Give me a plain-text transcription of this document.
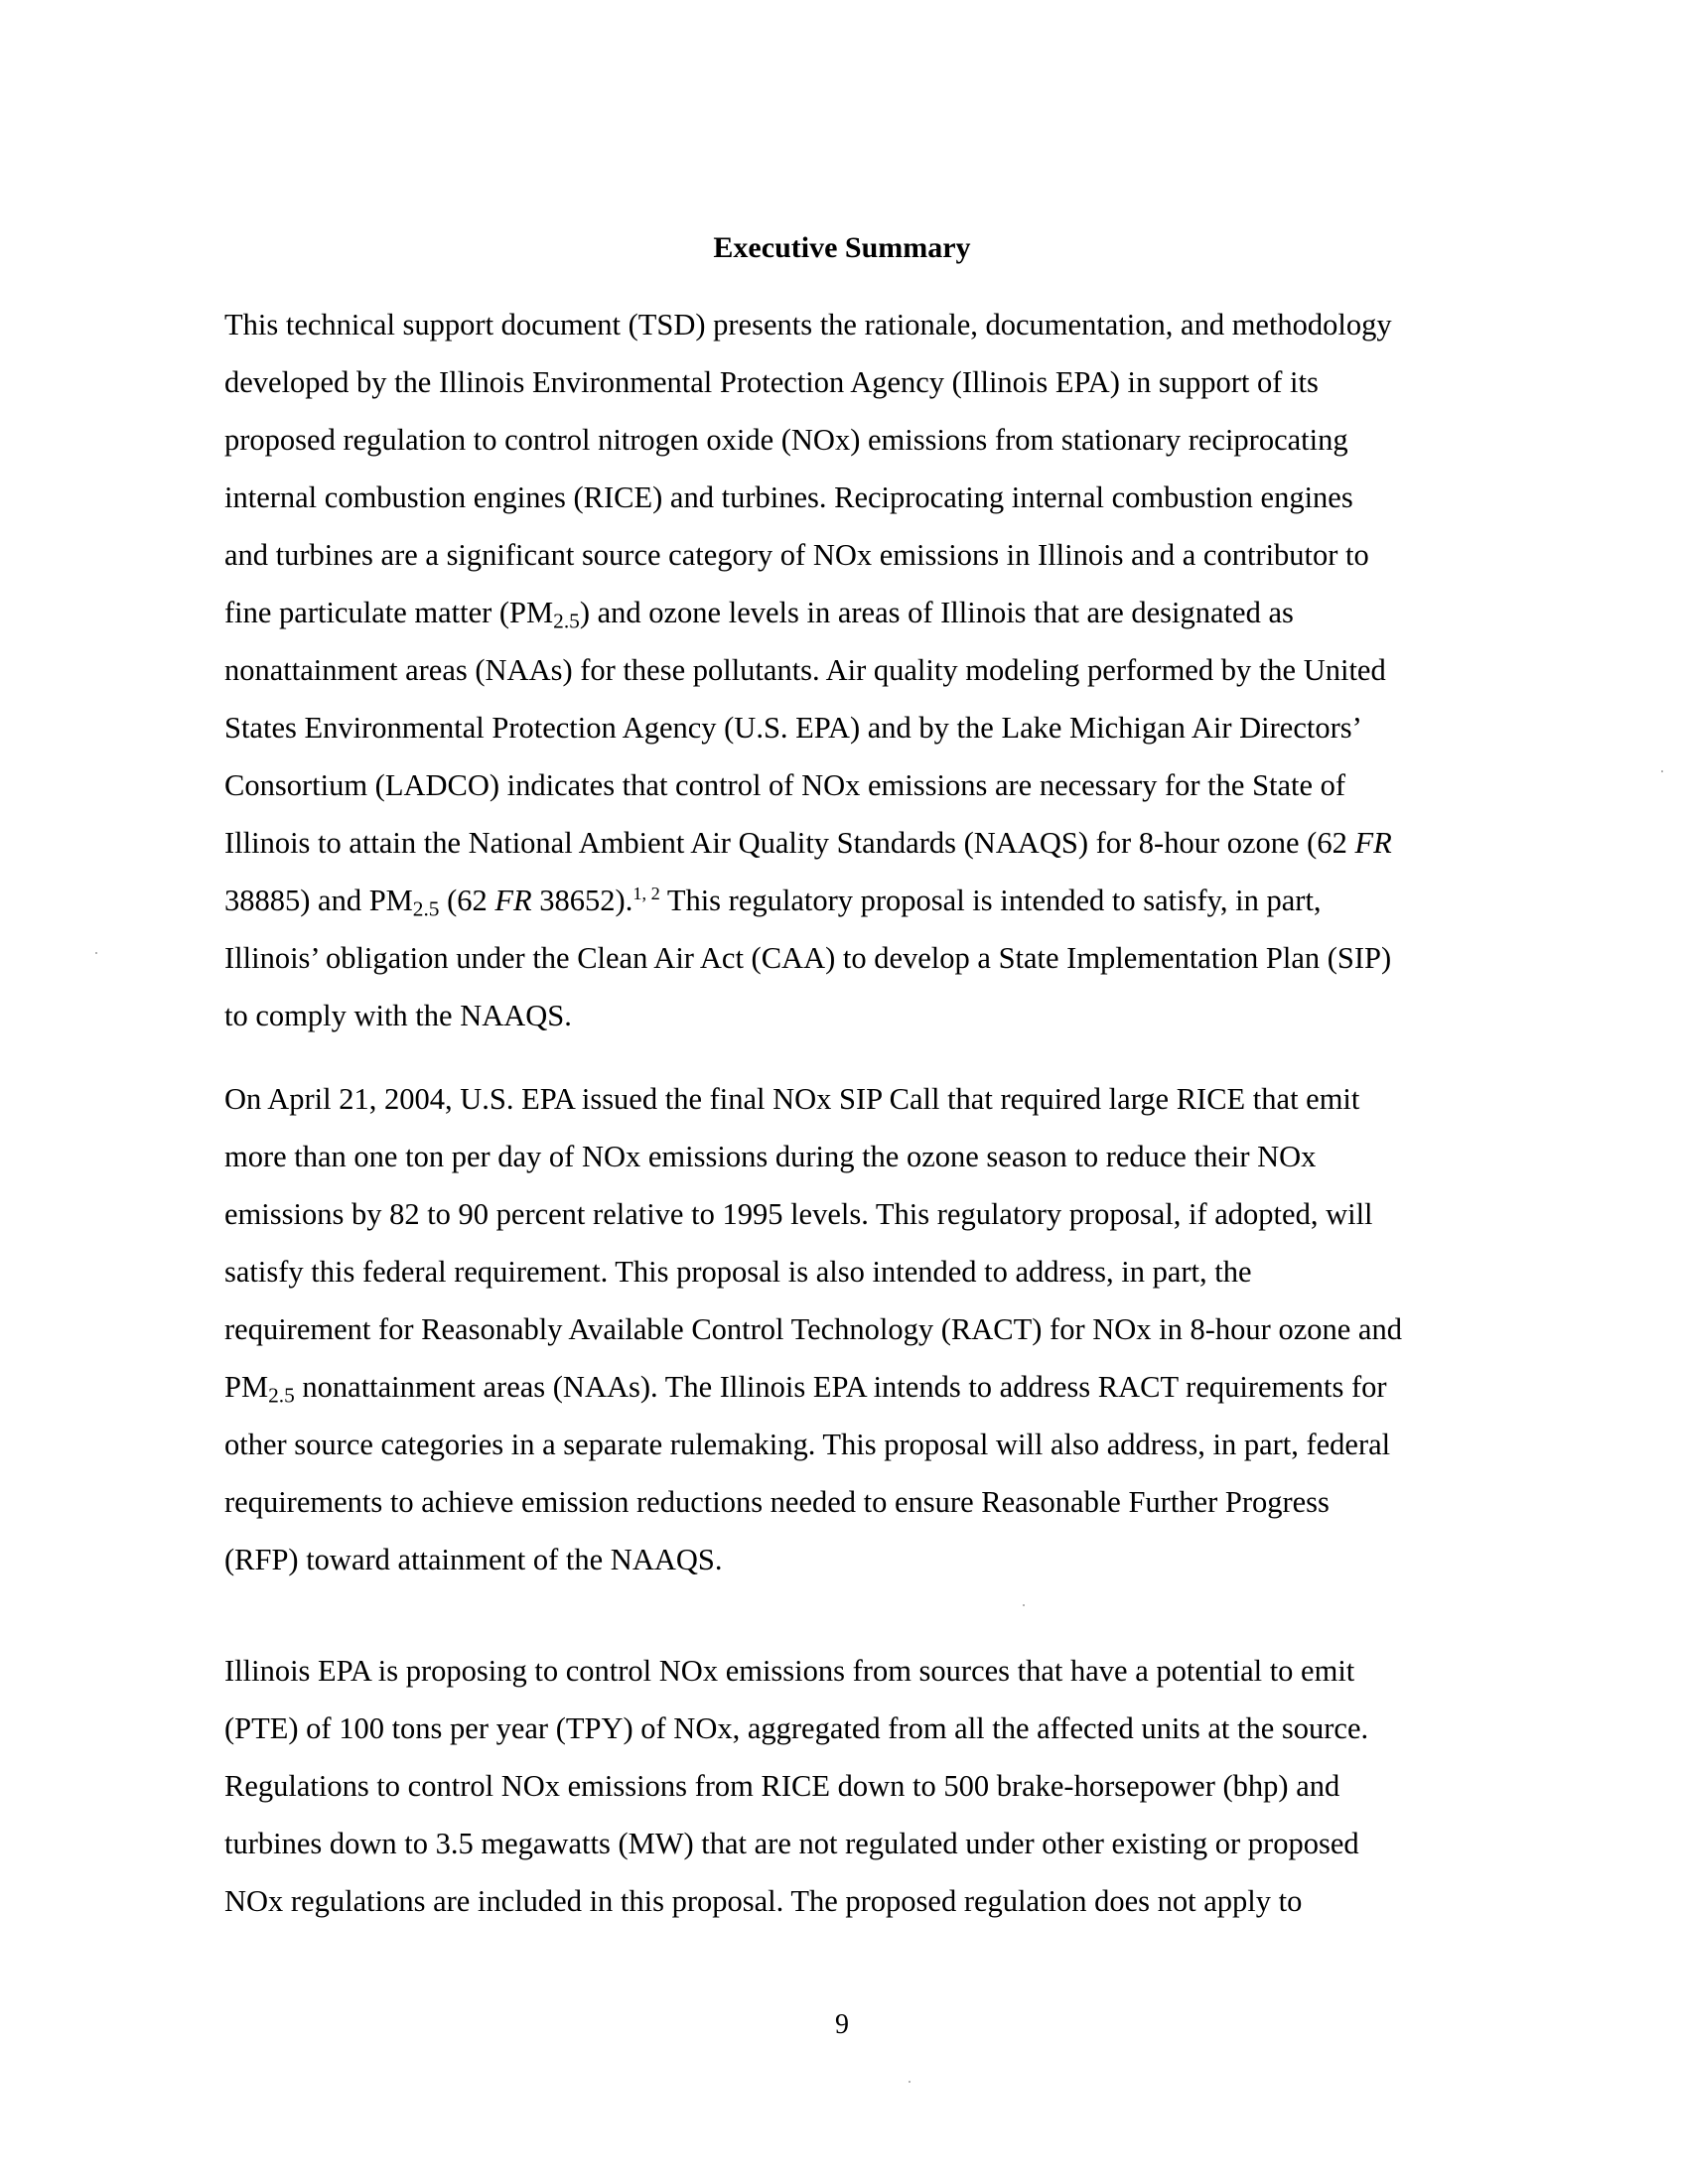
Executive Summary
This technical support document (TSD) presents the rationale, documentation, and methodology
developed by the Illinois Environmental Protection Agency (Illinois EPA) in support of its
proposed regulation to control nitrogen oxide (NOx) emissions from stationary reciprocating
internal combustion engines (RICE) and turbines. Reciprocating internal combustion engines
and turbines are a significant source category of NOx emissions in Illinois and a contributor to
fine particulate matter (PM2.5) and ozone levels in areas of Illinois that are designated as
nonattainment areas (NAAs) for these pollutants. Air quality modeling performed by the United
States Environmental Protection Agency (U.S. EPA) and by the Lake Michigan Air Directors’
Consortium (LADCO) indicates that control of NOx emissions are necessary for the State of
Illinois to attain the National Ambient Air Quality Standards (NAAQS) for 8-hour ozone (62 FR
38885) and PM2.5 (62 FR 38652).$^{1, 2}$ This regulatory proposal is intended to satisfy, in part,
Illinois’ obligation under the Clean Air Act (CAA) to develop a State Implementation Plan (SIP)
to comply with the NAAQS.
On April 21, 2004, U.S. EPA issued the final NOx SIP Call that required large RICE that emit
more than one ton per day of NOx emissions during the ozone season to reduce their NOx
emissions by 82 to 90 percent relative to 1995 levels. This regulatory proposal, if adopted, will
satisfy this federal requirement. This proposal is also intended to address, in part, the
requirement for Reasonably Available Control Technology (RACT) for NOx in 8-hour ozone and
PM2.5 nonattainment areas (NAAs). The Illinois EPA intends to address RACT requirements for
other source categories in a separate rulemaking. This proposal will also address, in part, federal
requirements to achieve emission reductions needed to ensure Reasonable Further Progress
(RFP) toward attainment of the NAAQS.
Illinois EPA is proposing to control NOx emissions from sources that have a potential to emit
(PTE) of 100 tons per year (TPY) of NOx, aggregated from all the affected units at the source.
Regulations to control NOx emissions from RICE down to 500 brake-horsepower (bhp) and
turbines down to 3.5 megawatts (MW) that are not regulated under other existing or proposed
NOx regulations are included in this proposal. The proposed regulation does not apply to
9
